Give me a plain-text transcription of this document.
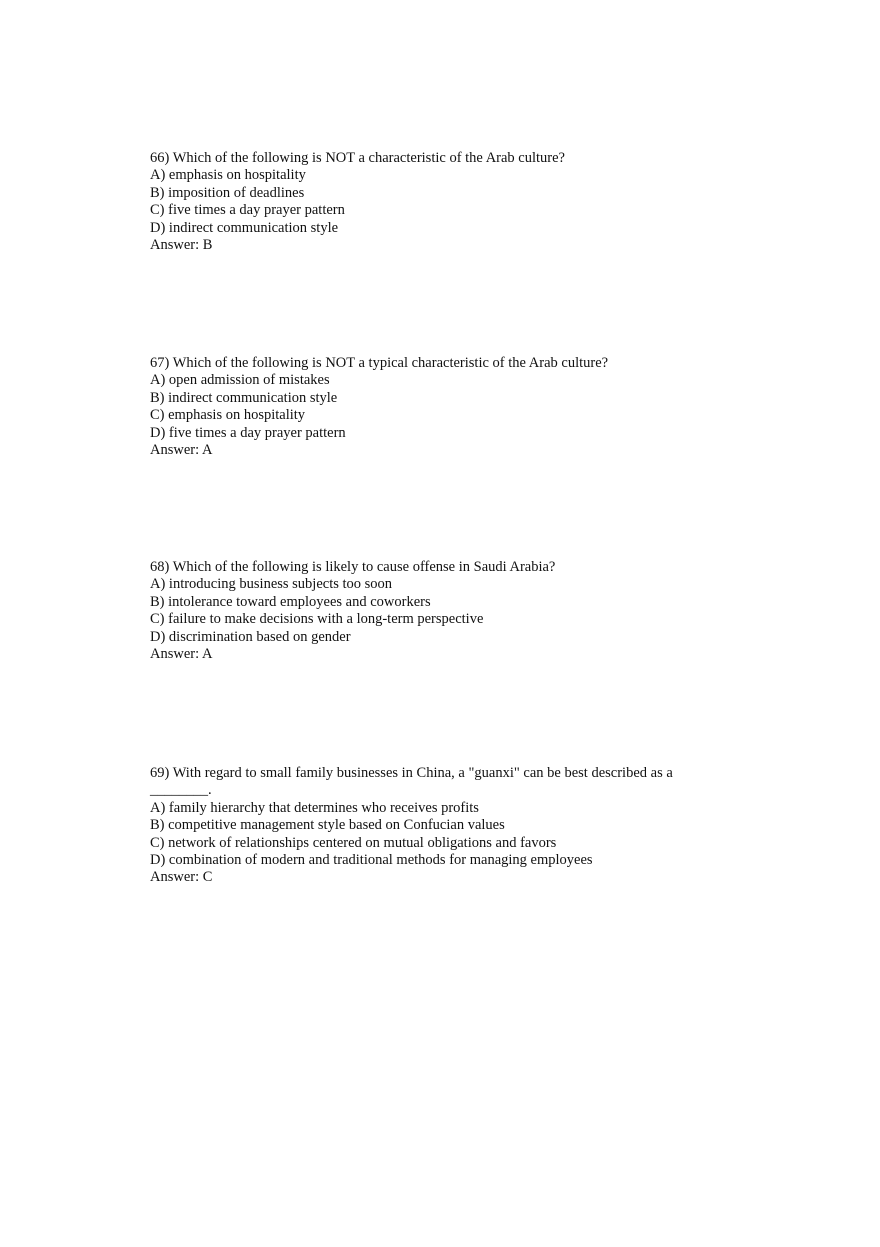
66) Which of the following is NOT a characteristic of the Arab culture?
A) emphasis on hospitality
B) imposition of deadlines
C) five times a day prayer pattern
D) indirect communication style
Answer: B
67) Which of the following is NOT a typical characteristic of the Arab culture?
A) open admission of mistakes
B) indirect communication style
C) emphasis on hospitality
D) five times a day prayer pattern
Answer: A
68) Which of the following is likely to cause offense in Saudi Arabia?
A) introducing business subjects too soon
B) intolerance toward employees and coworkers
C) failure to make decisions with a long-term perspective
D) discrimination based on gender
Answer: A
69) With regard to small family businesses in China, a "guanxi" can be best described as a
________.
A) family hierarchy that determines who receives profits
B) competitive management style based on Confucian values
C) network of relationships centered on mutual obligations and favors
D) combination of modern and traditional methods for managing employees
Answer: C
